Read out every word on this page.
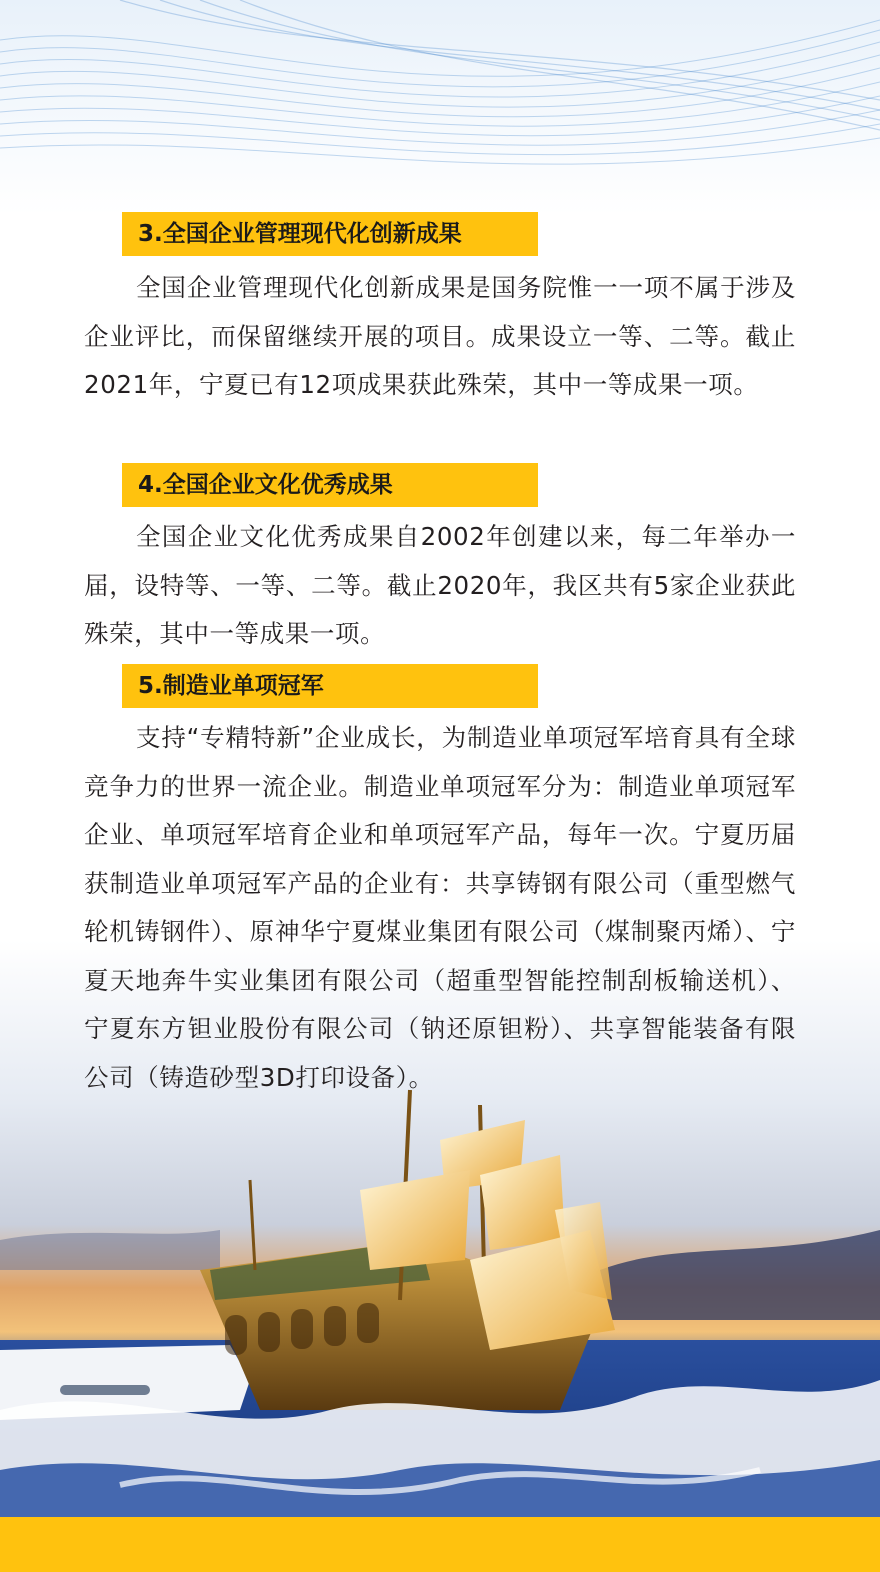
3.全国企业管理现代化创新成果

全国企业管理现代化创新成果是国务院惟一一项不属于涉及企业评比，而保留继续开展的项目。成果设立一等、二等。截止2021年，宁夏已有12项成果获此殊荣，其中一等成果一项。

4.全国企业文化优秀成果

全国企业文化优秀成果自2002年创建以来，每二年举办一届，设特等、一等、二等。截止2020年，我区共有5家企业获此殊荣，其中一等成果一项。

5.制造业单项冠军

支持“专精特新”企业成长，为制造业单项冠军培育具有全球竞争力的世界一流企业。制造业单项冠军分为：制造业单项冠军企业、单项冠军培育企业和单项冠军产品，每年一次。宁夏历届获制造业单项冠军产品的企业有：共享铸钢有限公司（重型燃气轮机铸钢件）、原神华宁夏煤业集团有限公司（煤制聚丙烯）、宁夏天地奔牛实业集团有限公司（超重型智能控制刮板输送机）、宁夏东方钽业股份有限公司（钠还原钽粉）、共享智能装备有限公司（铸造砂型3D打印设备）。
